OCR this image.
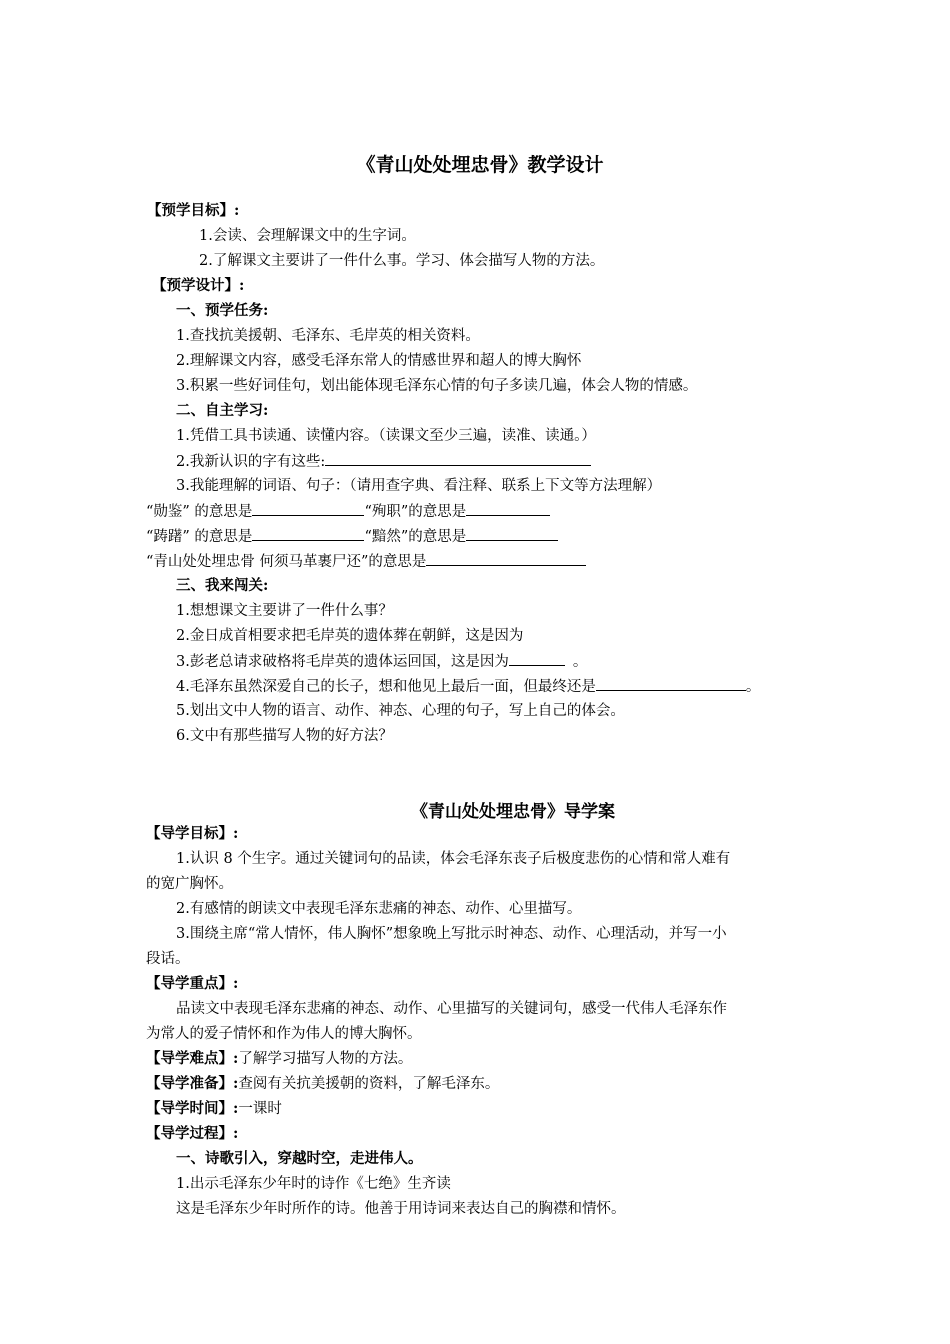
《青山处处埋忠骨》教学设计
【预学目标】:
1.会读、会理解课文中的生字词。
2.了解课文主要讲了一件什么事。学习、体会描写人物的方法。
【预学设计】:
一、预学任务:
1.查找抗美援朝、毛泽东、毛岸英的相关资料。
2.理解课文内容，感受毛泽东常人的情感世界和超人的博大胸怀
3.积累一些好词佳句，划出能体现毛泽东心情的句子多读几遍，体会人物的情感。
二、自主学习:
1.凭借工具书读通、读懂内容。（读课文至少三遍，读准、读通。）
2.我新认识的字有这些:
3.我能理解的词语、句子：（请用查字典、看注释、联系上下文等方法理解）
“勋鉴” 的意思是	“殉职”的意思是
“踌躇” 的意思是	“黯然”的意思是
“青山处处埋忠骨 何须马革裹尸还”的意思是
三、我来闯关:
1.想想课文主要讲了一件什么事？
2.金日成首相要求把毛岸英的遗体葬在朝鲜，这是因为
3.彭老总请求破格将毛岸英的遗体运回国，这是因为	。
4.毛泽东虽然深爱自己的长子，想和他见上最后一面，但最终还是	。
5.划出文中人物的语言、动作、神态、心理的句子，写上自己的体会。
6.文中有那些描写人物的好方法？
《青山处处埋忠骨》导学案
【导学目标】:
1.认识 8 个生字。通过关键词句的品读，体会毛泽东丧子后极度悲伤的心情和常人难有
的宽广胸怀。
2.有感情的朗读文中表现毛泽东悲痛的神态、动作、心里描写。
3.围绕主席“常人情怀，伟人胸怀”想象晚上写批示时神态、动作、心理活动，并写一小
段话。
【导学重点】:
品读文中表现毛泽东悲痛的神态、动作、心里描写的关键词句，感受一代伟人毛泽东作
为常人的爱子情怀和作为伟人的博大胸怀。
【导学难点】:了解学习描写人物的方法。
【导学准备】:查阅有关抗美援朝的资料，了解毛泽东。
【导学时间】:一课时
【导学过程】:
一、诗歌引入，穿越时空，走进伟人。
1.出示毛泽东少年时的诗作《七绝》生齐读
这是毛泽东少年时所作的诗。他善于用诗词来表达自己的胸襟和情怀。
